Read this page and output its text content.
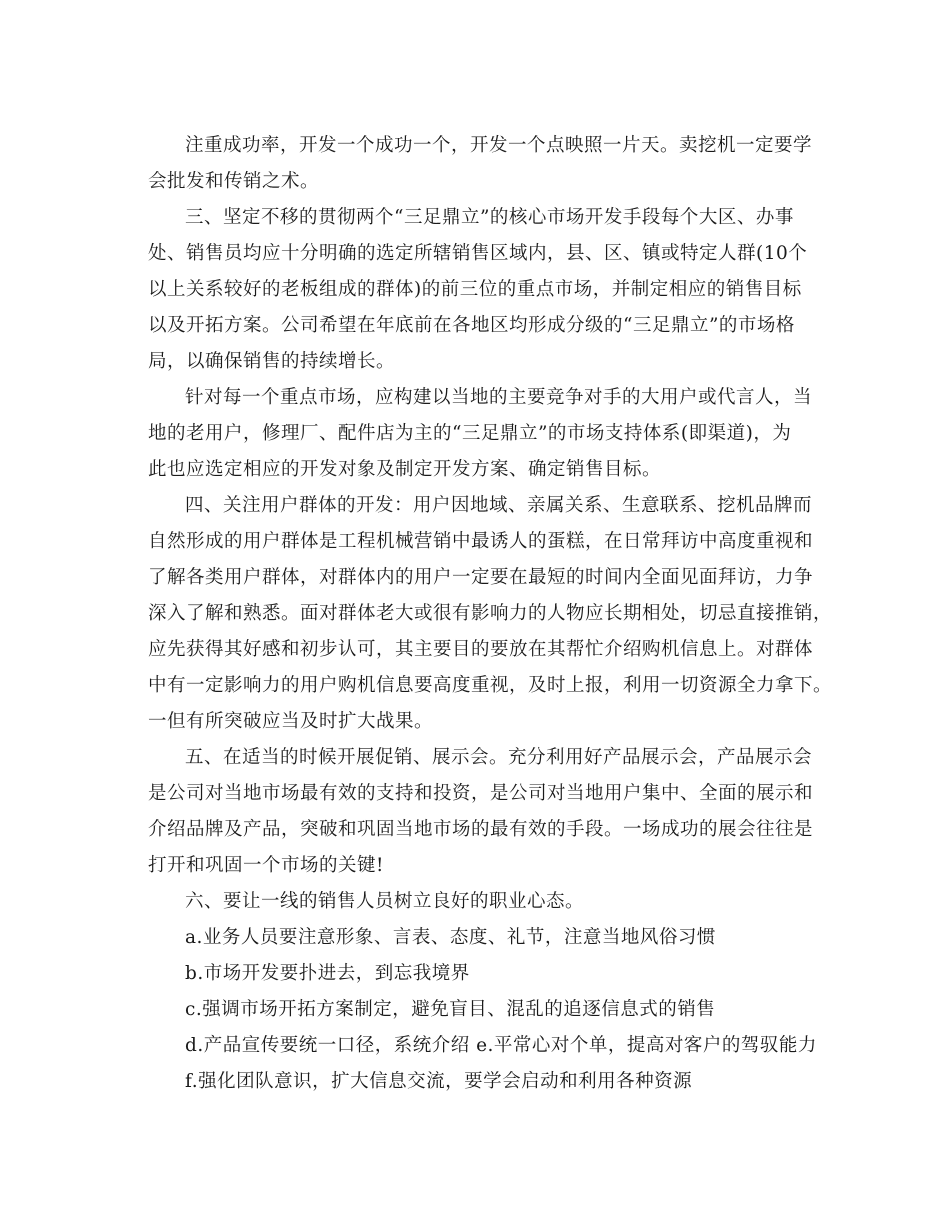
注重成功率，开发一个成功一个，开发一个点映照一片天。卖挖机一定要学
会批发和传销之术。
三、坚定不移的贯彻两个“三足鼎立”的核心市场开发手段每个大区、办事
处、销售员均应十分明确的选定所辖销售区域内，县、区、镇或特定人群(10个
以上关系较好的老板组成的群体)的前三位的重点市场，并制定相应的销售目标
以及开拓方案。公司希望在年底前在各地区均形成分级的“三足鼎立”的市场格
局，以确保销售的持续增长。
针对每一个重点市场，应构建以当地的主要竞争对手的大用户或代言人，当
地的老用户，修理厂、配件店为主的“三足鼎立”的市场支持体系(即渠道)，为
此也应选定相应的开发对象及制定开发方案、确定销售目标。
四、关注用户群体的开发：用户因地域、亲属关系、生意联系、挖机品牌而
自然形成的用户群体是工程机械营销中最诱人的蛋糕，在日常拜访中高度重视和
了解各类用户群体，对群体内的用户一定要在最短的时间内全面见面拜访，力争
深入了解和熟悉。面对群体老大或很有影响力的人物应长期相处，切忌直接推销，
应先获得其好感和初步认可，其主要目的要放在其帮忙介绍购机信息上。对群体
中有一定影响力的用户购机信息要高度重视，及时上报，利用一切资源全力拿下。
一但有所突破应当及时扩大战果。
五、在适当的时候开展促销、展示会。充分利用好产品展示会，产品展示会
是公司对当地市场最有效的支持和投资，是公司对当地用户集中、全面的展示和
介绍品牌及产品，突破和巩固当地市场的最有效的手段。一场成功的展会往往是
打开和巩固一个市场的关键!
六、要让一线的销售人员树立良好的职业心态。
a.业务人员要注意形象、言表、态度、礼节，注意当地风俗习惯
b.市场开发要扑进去，到忘我境界
c.强调市场开拓方案制定，避免盲目、混乱的追逐信息式的销售
d.产品宣传要统一口径，系统介绍 e.平常心对个单，提高对客户的驾驭能力
f.强化团队意识，扩大信息交流，要学会启动和利用各种资源
